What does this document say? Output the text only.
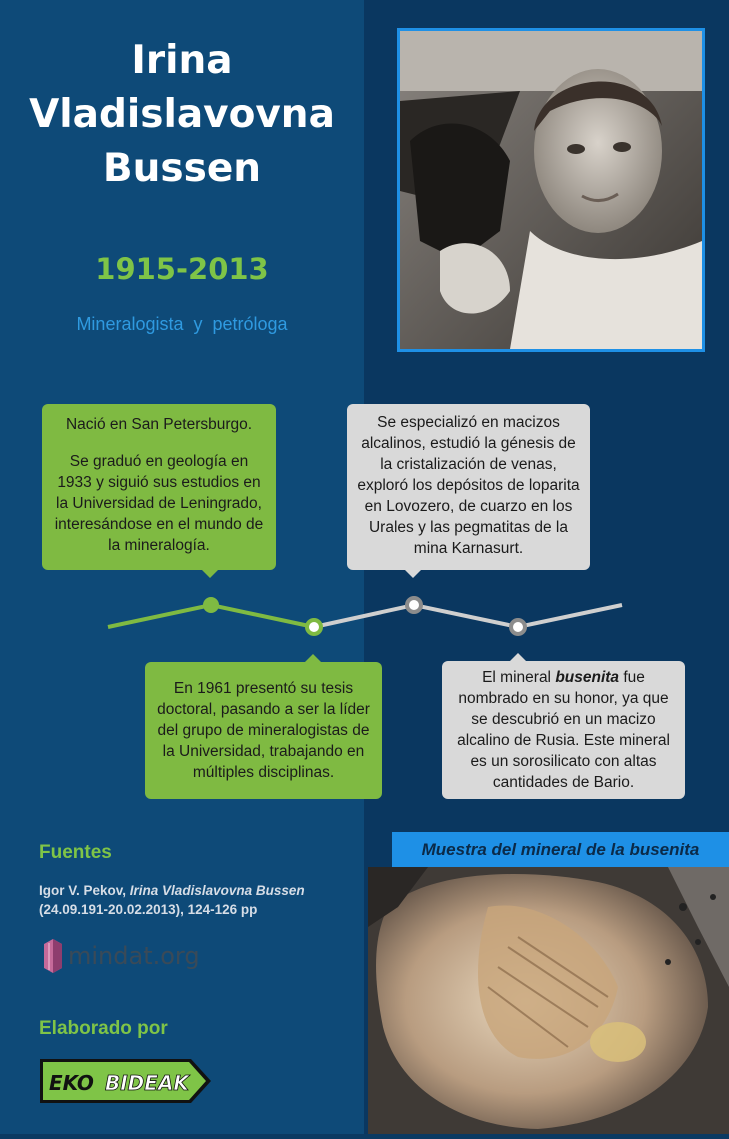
Irina
Vladislavovna
Bussen
1915-2013
Mineralogista  y  petróloga

Nació en San Petersburgo.

Se graduó en geología en 1933 y siguió sus estudios en la Universidad de Leningrado, interesándose en el mundo de la mineralogía.

Se especializó en macizos alcalinos, estudió la génesis de la cristalización de venas, exploró los depósitos de loparita en Lovozero, de cuarzo en los Urales y las pegmatitas de la mina Karnasurt.

En 1961 presentó su tesis doctoral, pasando a ser la líder del grupo de mineralogistas de la Universidad, trabajando en múltiples disciplinas.

El mineral busenita fue nombrado en su honor, ya que se descubrió en un macizo alcalino de Rusia. Este mineral es un sorosilicato con altas cantidades de Bario.

Fuentes
Igor V. Pekov, Irina Vladislavovna Bussen (24.09.191-20.02.2013), 124-126 pp
mindat.org
Elaborado por
EKO BIDEAK
Muestra del mineral de la busenita
